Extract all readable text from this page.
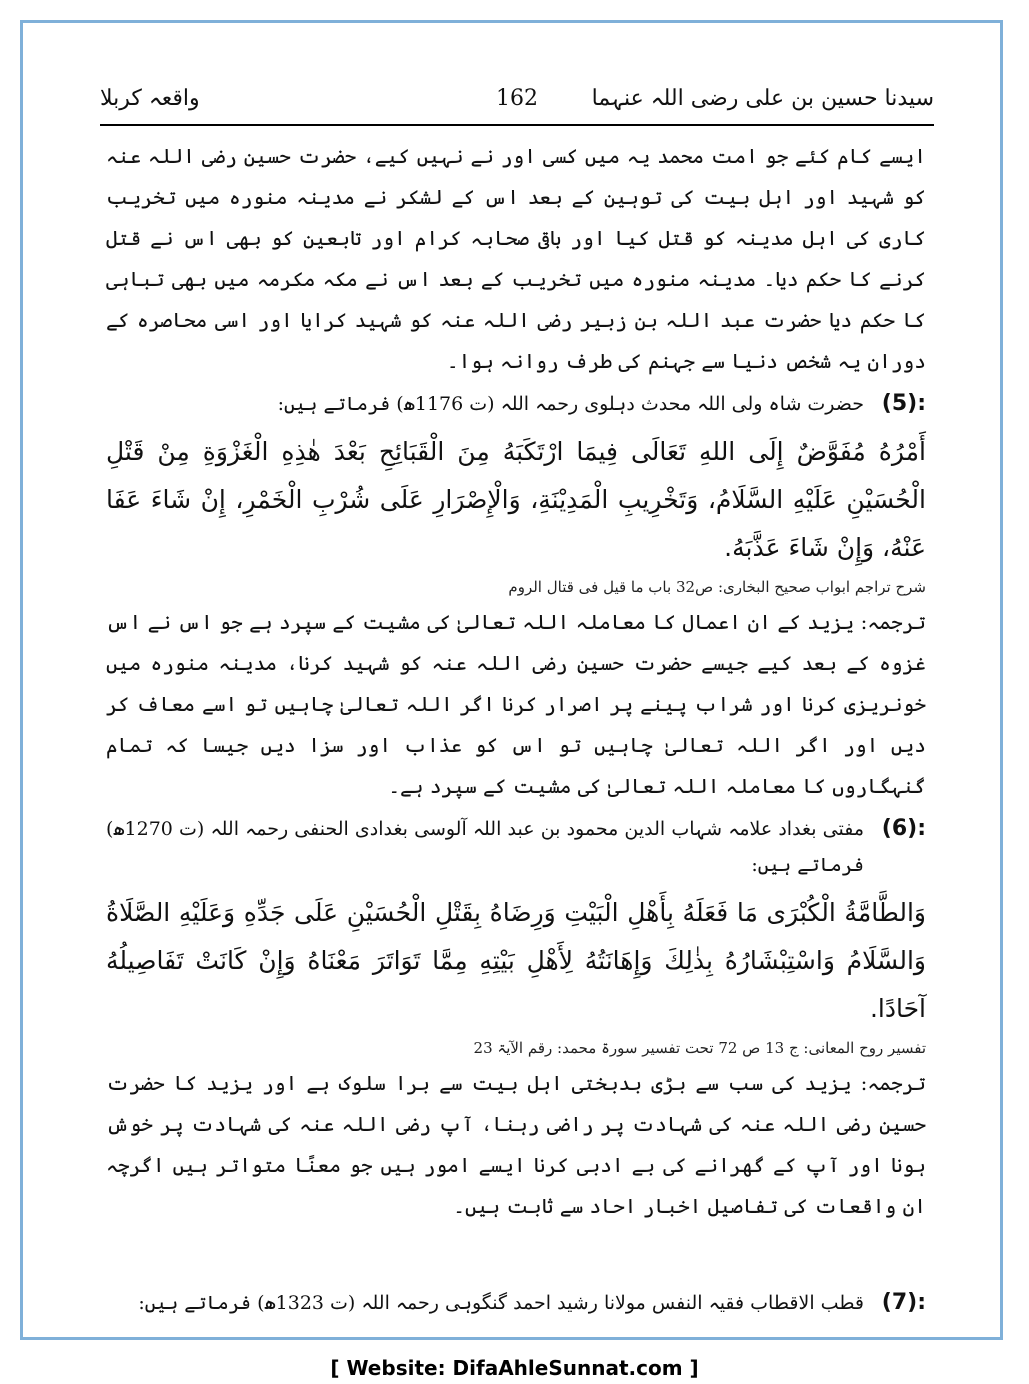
سیدنا حسین بن علی رضی اللہ عنہما
162
واقعہ کربلا

ایسے کام کئے جو امت محمد یہ میں کسی اور نے نہیں کیے، حضرت حسین رضی اللہ عنہ کو شہید اور اہل بیت کی توہین کے بعد اس کے لشکر نے مدینہ منورہ میں تخریب کاری کی اہل مدینہ کو قتل کیا اور باقی صحابہ کرام اور تابعین کو بھی اس نے قتل کرنے کا حکم دیا۔ مدینہ منورہ میں تخریب کے بعد اس نے مکہ مکرمہ میں بھی تباہی کا حکم دیا حضرت عبد اللہ بن زبیر رضی اللہ عنہ کو شہید کرایا اور اسی محاصرہ کے دوران یہ شخص دنیا سے جہنم کی طرف روانہ ہوا۔

(5):
حضرت شاہ ولی اللہ محدث دہلوی رحمہ اللہ (ت 1176ھ) فرماتے ہیں:

أَمْرُهُ مُفَوَّضٌ إِلَى اللهِ تَعَالَى فِيمَا ارْتَكَبَهُ مِنَ الْقَبَائِحِ بَعْدَ هٰذِهِ الْغَزْوَةِ مِنْ قَتْلِ الْحُسَيْنِ عَلَيْهِ السَّلَامُ، وَتَخْرِيبِ الْمَدِيْنَةِ، وَالْإِصْرَارِ عَلَى شُرْبِ الْخَمْرِ، إِنْ شَاءَ عَفَا عَنْهُ، وَإِنْ شَاءَ عَذَّبَهُ.

شرح تراجم ابواب صحیح البخاری: ص32 باب ما قیل فی قتال الروم

ترجمہ: یزید کے ان اعمال کا معاملہ اللہ تعالیٰ کی مشیت کے سپرد ہے جو اس نے اس غزوہ کے بعد کیے جیسے حضرت حسین رضی اللہ عنہ کو شہید کرنا، مدینہ منورہ میں خونریزی کرنا اور شراب پینے پر اصرار کرنا اگر اللہ تعالیٰ چاہیں تو اسے معاف کر دیں اور اگر اللہ تعالیٰ چاہیں تو اس کو عذاب اور سزا دیں جیسا کہ تمام گنہگاروں کا معاملہ اللہ تعالیٰ کی مشیت کے سپرد ہے۔

(6):
مفتی بغداد علامہ شہاب الدین محمود بن عبد اللہ آلوسی بغدادی الحنفی رحمہ اللہ (ت 1270ھ) فرماتے ہیں:

وَالطَّامَّةُ الْكُبْرَى مَا فَعَلَهُ بِأَهْلِ الْبَيْتِ وَرِضَاهُ بِقَتْلِ الْحُسَيْنِ عَلَى جَدِّهِ وَعَلَيْهِ الصَّلَاةُ وَالسَّلَامُ وَاسْتِبْشَارُهُ بِذٰلِكَ وَإِهَانَتُهُ لِأَهْلِ بَيْتِهِ مِمَّا تَوَاتَرَ مَعْنَاهُ وَإِنْ كَانَتْ تَفَاصِيلُهُ آحَادًا.

تفسیر روح المعانی: ج 13 ص 72 تحت تفسیر سورۃ محمد: رقم الآیۃ 23

ترجمہ: یزید کی سب سے بڑی بدبختی اہل بیت سے برا سلوک ہے اور یزید کا حضرت حسین رضی اللہ عنہ کی شہادت پر راضی رہنا، آپ رضی اللہ عنہ کی شہادت پر خوش ہونا اور آپ کے گھرانے کی بے ادبی کرنا ایسے امور ہیں جو معنًا متواتر ہیں اگرچہ ان واقعات کی تفاصیل اخبار احاد سے ثابت ہیں۔

(7):
قطب الاقطاب فقیہ النفس مولانا رشید احمد گنگوہی رحمہ اللہ (ت 1323ھ) فرماتے ہیں:
[ Website: DifaAhleSunnat.com ]
